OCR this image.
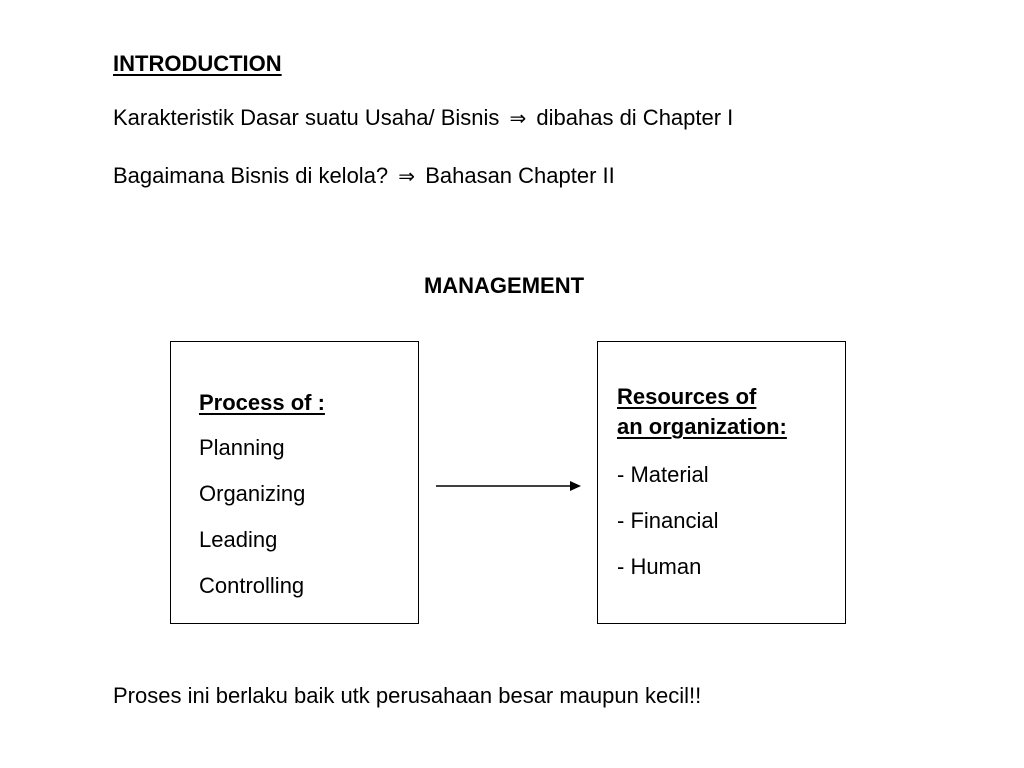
INTRODUCTION
Karakteristik Dasar suatu Usaha/ Bisnis ⇒ dibahas di Chapter I
Bagaimana Bisnis di kelola? ⇒ Bahasan Chapter II
MANAGEMENT
Process of :
Planning
Organizing
Leading
Controlling
Resources of
an organization:
- Material
- Financial
- Human
Proses ini berlaku baik utk perusahaan besar maupun kecil!!
